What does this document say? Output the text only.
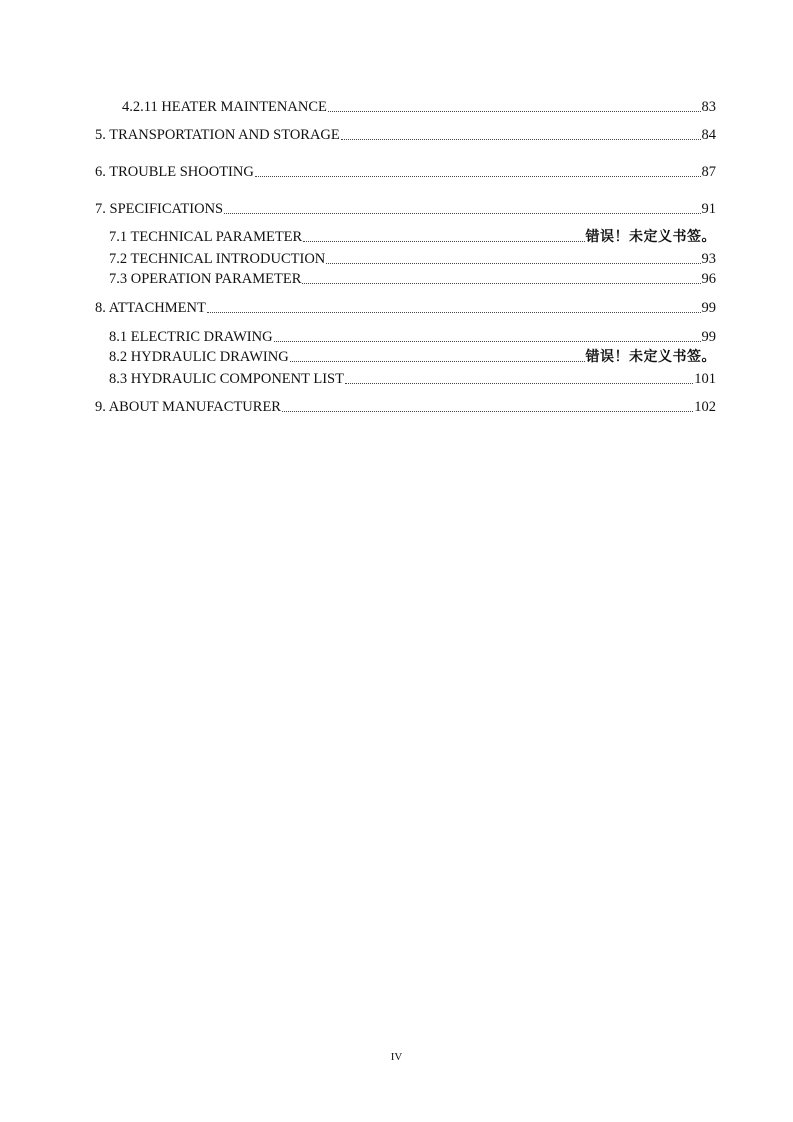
4.2.11 HEATER MAINTENANCE	83
5. TRANSPORTATION AND STORAGE	84
6. TROUBLE SHOOTING	87
7. SPECIFICATIONS	91
7.1 TECHNICAL PARAMETER	错误！未定义书签。
7.2 TECHNICAL INTRODUCTION	93
7.3 OPERATION PARAMETER	96
8. ATTACHMENT	99
8.1 ELECTRIC DRAWING	99
8.2 HYDRAULIC DRAWING	错误！未定义书签。
8.3 HYDRAULIC COMPONENT LIST	101
9. ABOUT MANUFACTURER	102
IV
